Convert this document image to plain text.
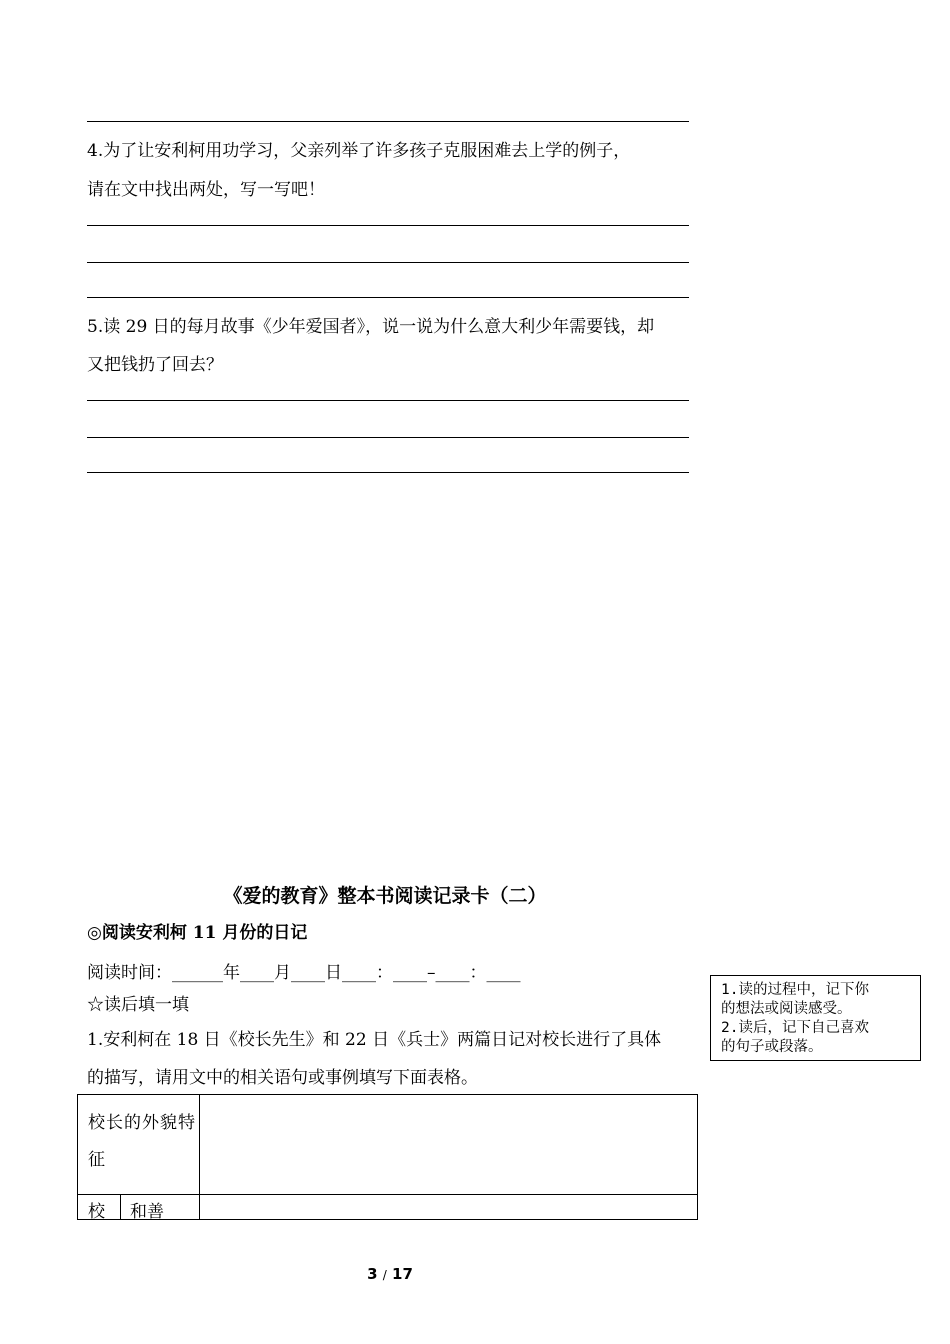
4.为了让安利柯用功学习，父亲列举了许多孩子克服困难去上学的例子，
请在文中找出两处，写一写吧！
5.读 29 日的每月故事《少年爱国者》，说一说为什么意大利少年需要钱，却
又把钱扔了回去？
《爱的教育》整本书阅读记录卡（二）
◎阅读安利柯 11 月份的日记
阅读时间：______年____月____日____：____–____：____
☆读后填一填
1.安利柯在 18 日《校长先生》和 22 日《兵士》两篇日记对校长进行了具体
的描写，请用文中的相关语句或事例填写下面表格。
1.读的过程中，记下你
的想法或阅读感受。
2.读后，记下自己喜欢
的句子或段落。
校长的外貌特征
校 和善
3 / 17
